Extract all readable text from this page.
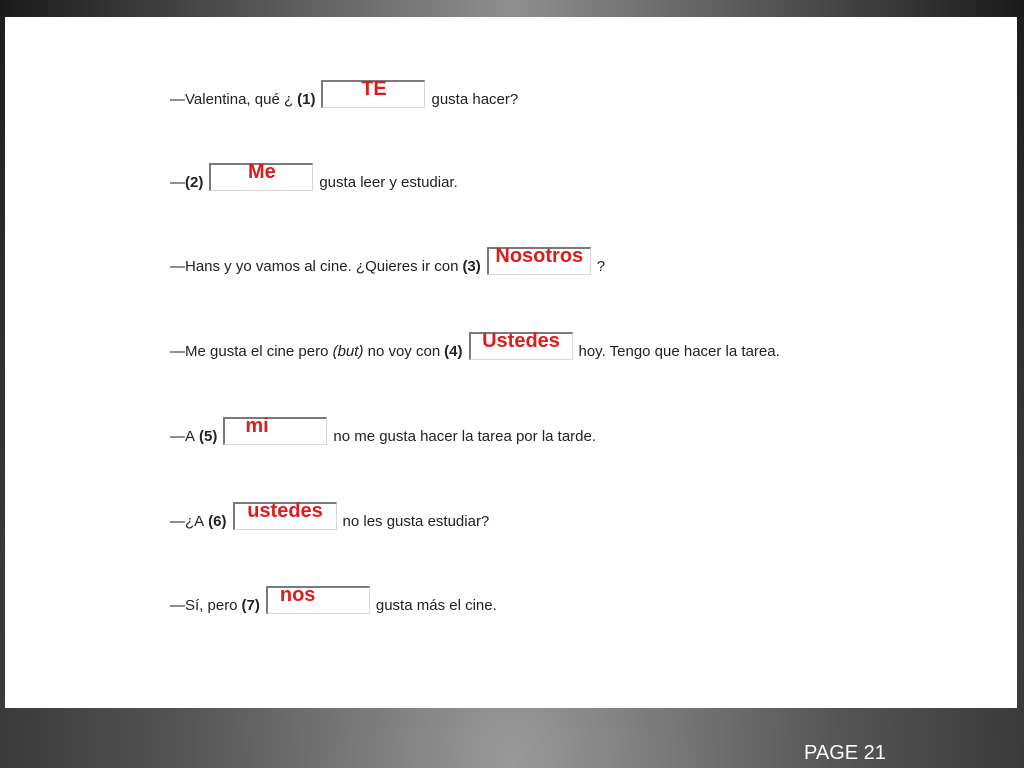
—Valentina, qué ¿ (1)	TE	gusta hacer?
— (2)	Me	gusta leer y estudiar.
—Hans y yo vamos al cine. ¿Quieres ir con (3) Nosotros ?
—Me gusta el cine pero
(but)
no voy con (4) Ustedes	hoy. Tengo que hacer la tarea.
—A (5) mi	no me gusta hacer la tarea por la tarde.
—¿A (6)	ustedes	no les gusta estudiar?
—Sí, pero (7) nos	gusta más el cine.
PAGE 21
